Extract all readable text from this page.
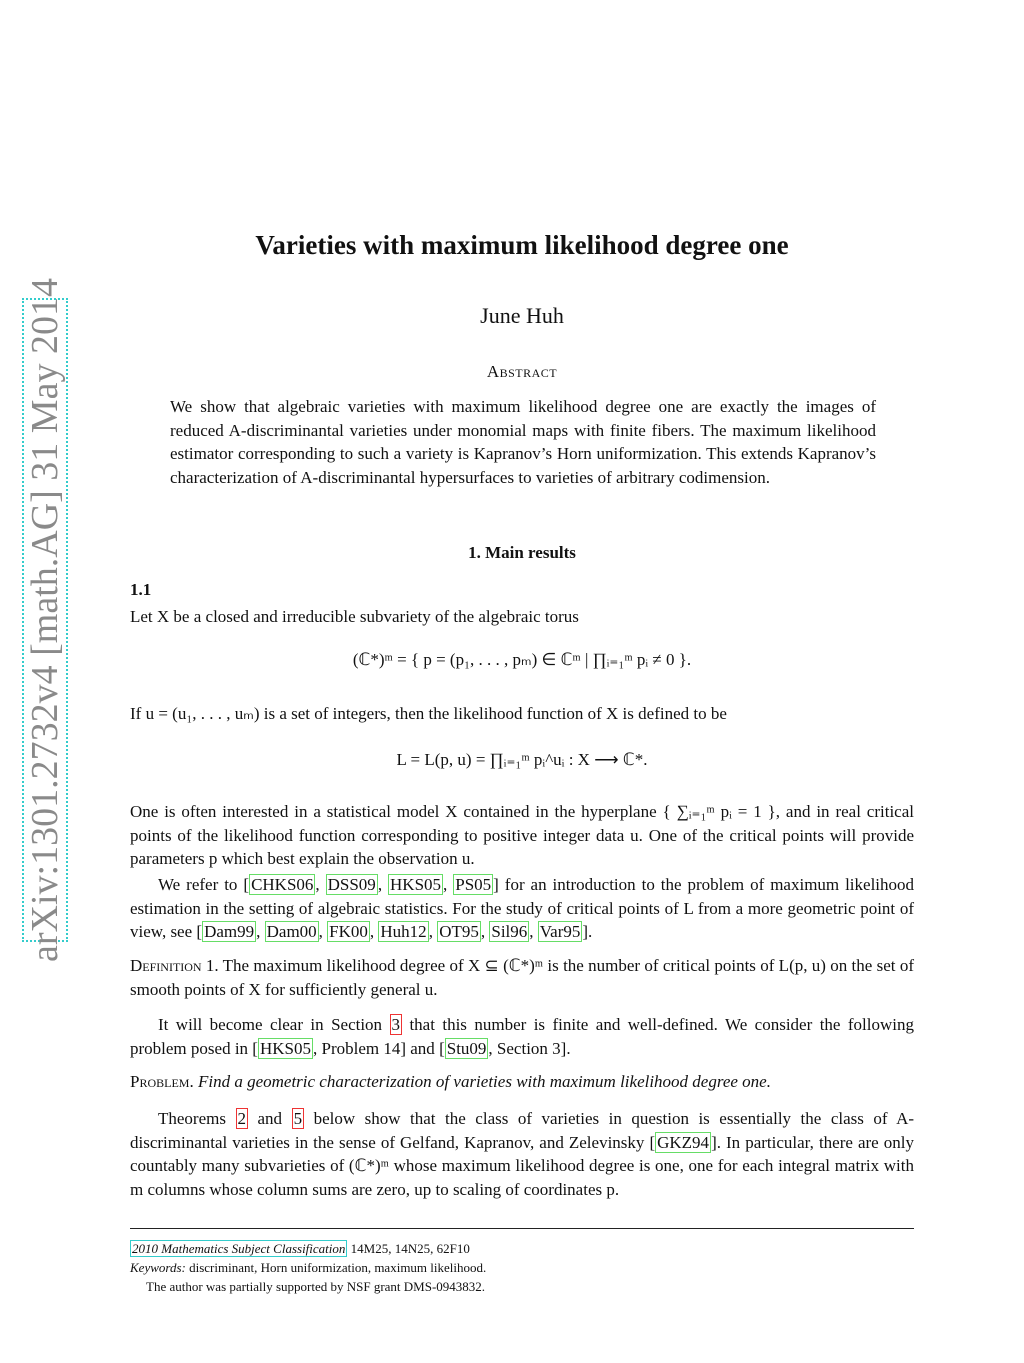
arXiv:1301.2732v4 [math.AG] 31 May 2014
Varieties with maximum likelihood degree one
June Huh
Abstract
We show that algebraic varieties with maximum likelihood degree one are exactly the images of reduced A-discriminantal varieties under monomial maps with finite fibers. The maximum likelihood estimator corresponding to such a variety is Kapranov’s Horn uniformization. This extends Kapranov’s characterization of A-discriminantal hypersurfaces to varieties of arbitrary codimension.
1. Main results
1.1
Let X be a closed and irreducible subvariety of the algebraic torus
(ℂ*)ᵐ = { p = (p₁, . . . , pₘ) ∈ ℂᵐ | ∏ᵢ₌₁ᵐ pᵢ ≠ 0 }.
If u = (u₁, . . . , uₘ) is a set of integers, then the likelihood function of X is defined to be
L = L(p, u) = ∏ᵢ₌₁ᵐ pᵢ^uᵢ : X ⟶ ℂ*.
One is often interested in a statistical model X contained in the hyperplane { ∑ᵢ₌₁ᵐ pᵢ = 1 }, and in real critical points of the likelihood function corresponding to positive integer data u. One of the critical points will provide parameters p which best explain the observation u.
We refer to [ CHKS06 , DSS09 , HKS05 , PS05 ] for an introduction to the problem of maximum likelihood estimation in the setting of algebraic statistics. For the study of critical points of L from a more geometric point of view, see [ Dam99 , Dam00 , FK00 , Huh12 , OT95 , Sil96 , Var95 ].
Definition 1. The maximum likelihood degree of X ⊆ (ℂ*)ᵐ is the number of critical points of L(p, u) on the set of smooth points of X for sufficiently general u.
It will become clear in Section 3 that this number is finite and well-defined. We consider the following problem posed in [ HKS05 , Problem 14] and [ Stu09 , Section 3].
Problem. Find a geometric characterization of varieties with maximum likelihood degree one.
Theorems 2 and 5 below show that the class of varieties in question is essentially the class of A-discriminantal varieties in the sense of Gelfand, Kapranov, and Zelevinsky [ GKZ94 ]. In particular, there are only countably many subvarieties of (ℂ*)ᵐ whose maximum likelihood degree is one, one for each integral matrix with m columns whose column sums are zero, up to scaling of coordinates p.
2010 Mathematics Subject Classification 14M25, 14N25, 62F10
Keywords: discriminant, Horn uniformization, maximum likelihood.
The author was partially supported by NSF grant DMS-0943832.
